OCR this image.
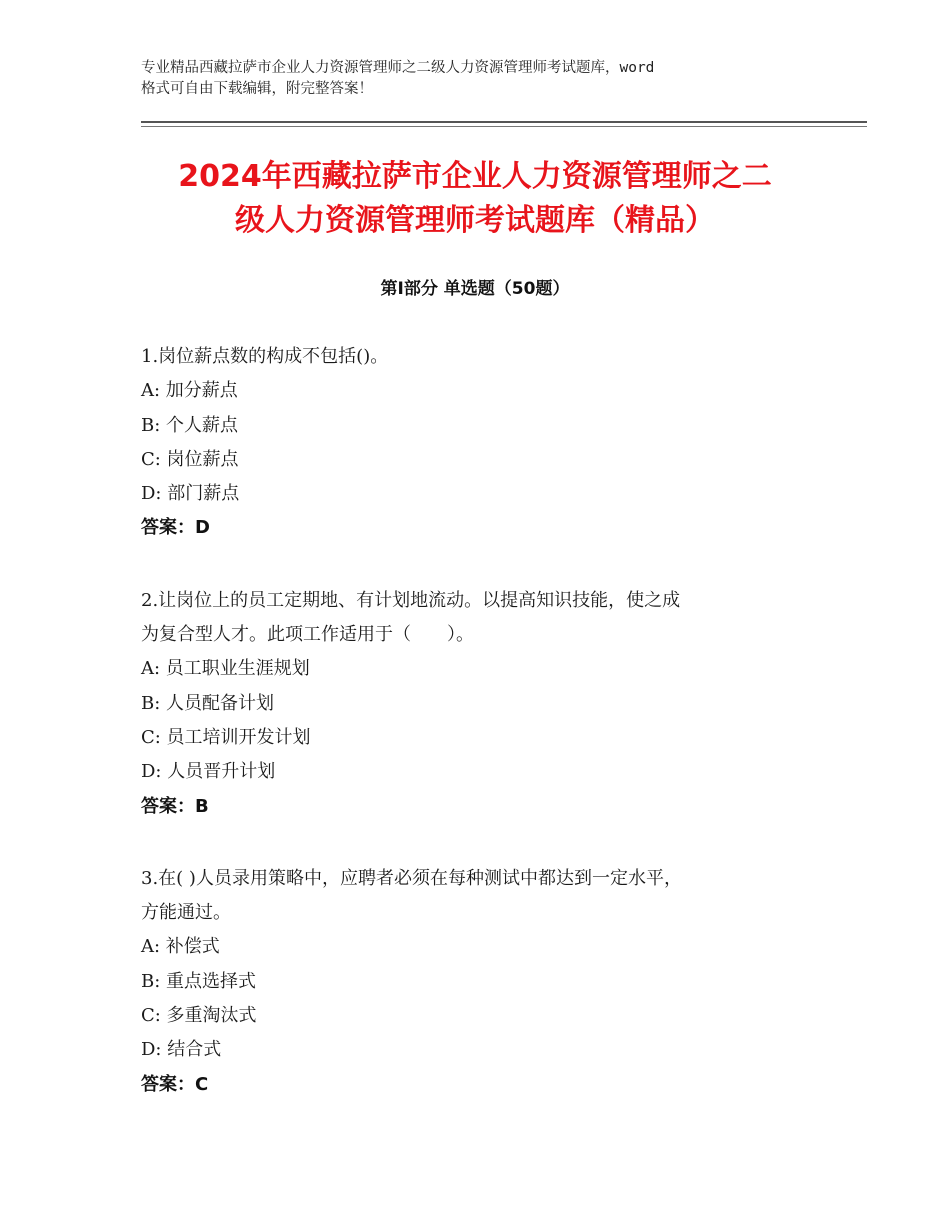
专业精品西藏拉萨市企业人力资源管理师之二级人力资源管理师考试题库，word
格式可自由下载编辑，附完整答案！
2024年西藏拉萨市企业人力资源管理师之二
级人力资源管理师考试题库（精品）
第Ⅰ部分 单选题（50题）
1.岗位薪点数的构成不包括()。
A: 加分薪点
B: 个人薪点
C: 岗位薪点
D: 部门薪点
答案：D
2.让岗位上的员工定期地、有计划地流动。以提高知识技能，使之成
为复合型人才。此项工作适用于（　　）。
A: 员工职业生涯规划
B: 人员配备计划
C: 员工培训开发计划
D: 人员晋升计划
答案：B
3.在( )人员录用策略中，应聘者必须在每种测试中都达到一定水平，
方能通过。
A: 补偿式
B: 重点选择式
C: 多重淘汰式
D: 结合式
答案：C
